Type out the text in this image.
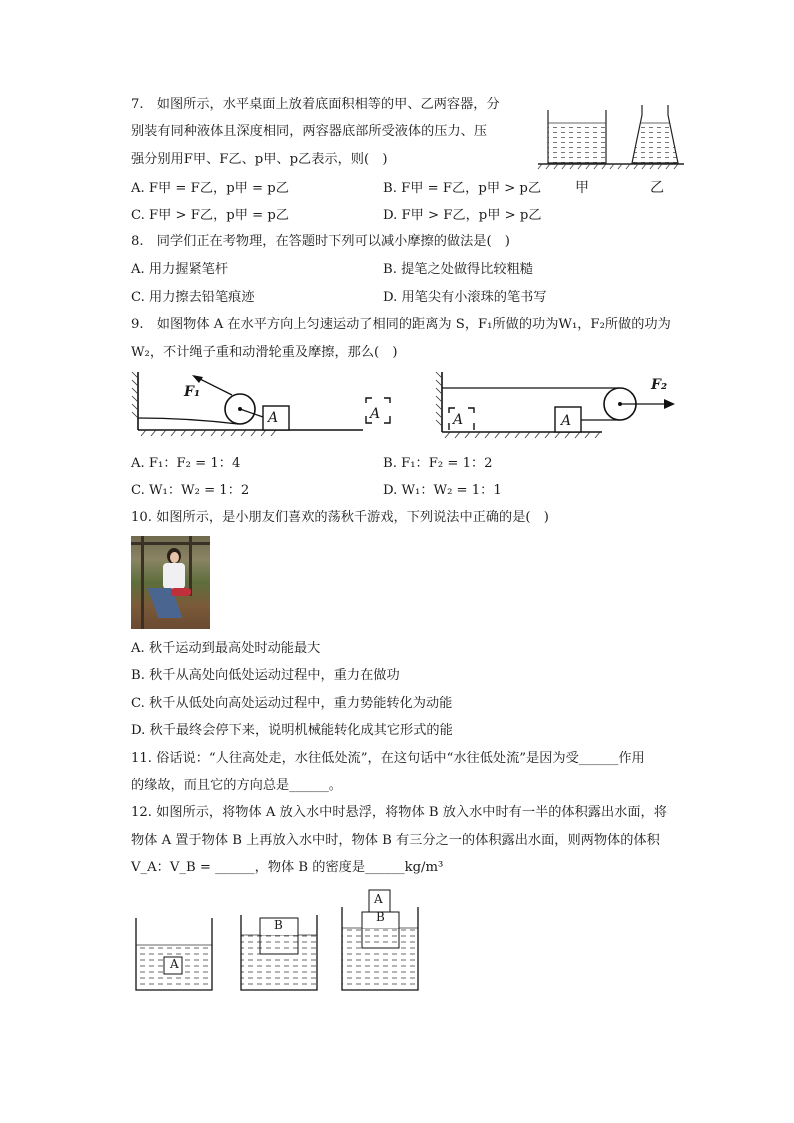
7.　如图所示，水平桌面上放着底面积相等的甲、乙两容器，分
别装有同种液体且深度相同，两容器底部所受液体的压力、压
强分别用F甲、F乙、p甲、p乙表示，则(　)
A. F甲 = F乙，p甲 = p乙	B. F甲 = F乙，p甲 > p乙
C. F甲 > F乙，p甲 = p乙	D. F甲 > F乙，p甲 > p乙
甲	乙
8.　同学们正在考物理，在答题时下列可以减小摩擦的做法是(　)
A. 用力握紧笔杆	B. 提笔之处做得比较粗糙
C. 用力擦去铅笔痕迹	D. 用笔尖有小滚珠的笔书写
9.　如图物体 A 在水平方向上匀速运动了相同的距离为 S，F₁所做的功为W₁，F₂所做的功为
W₂，不计绳子重和动滑轮重及摩擦，那么(　)
F₁
A	A	A	A
F₂
A. F₁：F₂ = 1：4	B. F₁：F₂ = 1：2
C. W₁：W₂ = 1：2	D. W₁：W₂ = 1：1
10. 如图所示，是小朋友们喜欢的荡秋千游戏，下列说法中正确的是(　)
A. 秋千运动到最高处时动能最大
B. 秋千从高处向低处运动过程中，重力在做功
C. 秋千从低处向高处运动过程中，重力势能转化为动能
D. 秋千最终会停下来，说明机械能转化成其它形式的能
11. 俗话说：“人往高处走，水往低处流”，在这句话中“水往低处流”是因为受______作用
的缘故，而且它的方向总是______。
12. 如图所示，将物体 A 放入水中时悬浮，将物体 B 放入水中时有一半的体积露出水面，将
物体 A 置于物体 B 上再放入水中时，物体 B 有三分之一的体积露出水面，则两物体的体积
V_A：V_B = ______，物体 B 的密度是______kg/m³
A
B
A
B
